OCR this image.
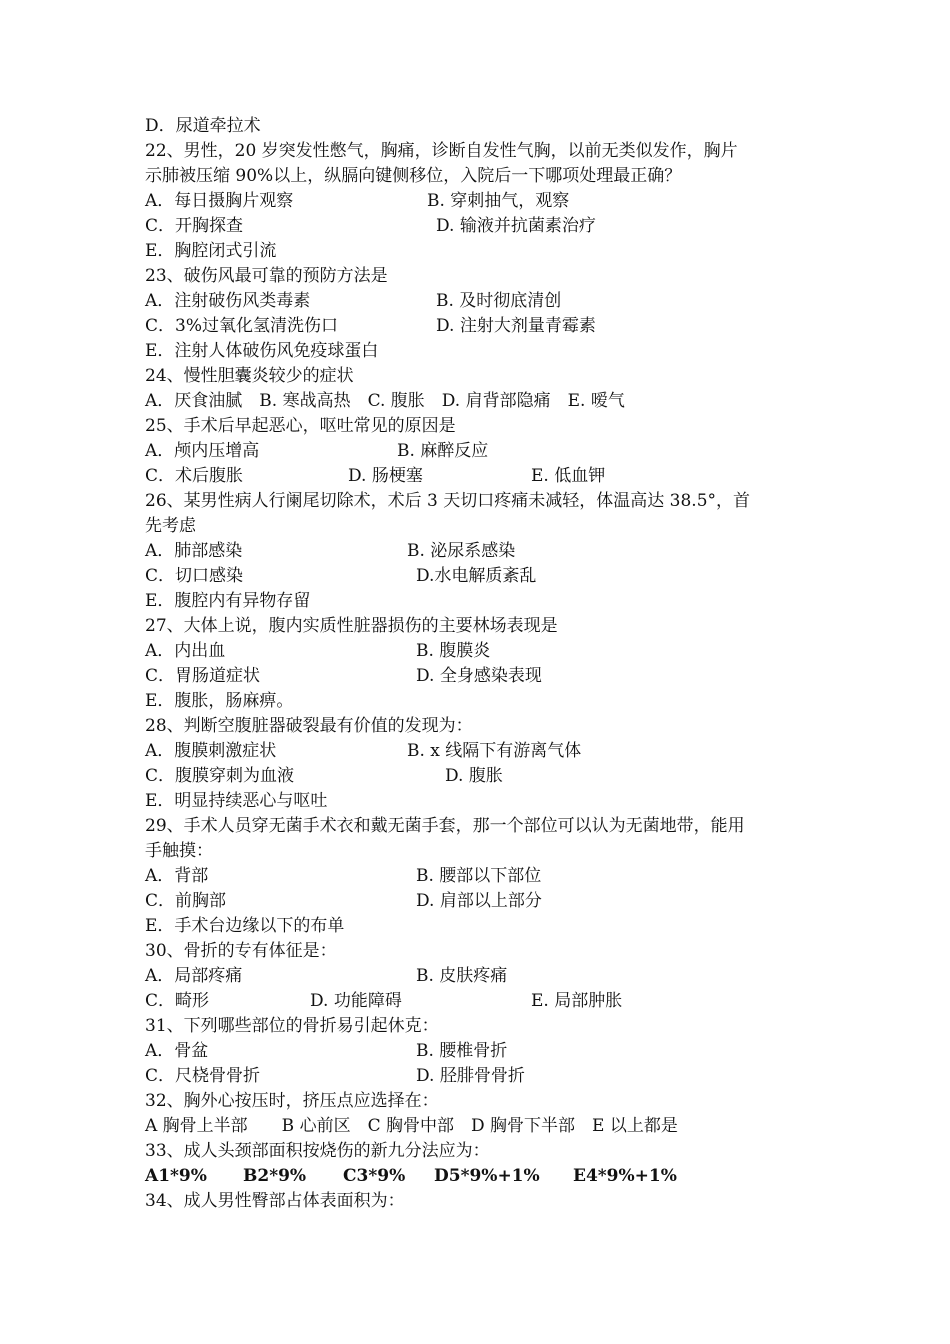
D．尿道牵拉术
22、男性，20 岁突发性憋气，胸痛，诊断自发性气胸，以前无类似发作，胸片
示肺被压缩 90%以上，纵膈向键侧移位，入院后一下哪项处理最正确？
A．每日摄胸片观察	B. 穿刺抽气，观察
C．开胸探查	D. 输液并抗菌素治疗
E．胸腔闭式引流
23、破伤风最可靠的预防方法是
A．注射破伤风类毒素	B. 及时彻底清创
C．3%过氧化氢清洗伤口	D. 注射大剂量青霉素
E．注射人体破伤风免疫球蛋白
24、慢性胆囊炎较少的症状
A．厌食油腻　B. 寒战高热　C. 腹胀　D. 肩背部隐痛　E. 嗳气
25、手术后早起恶心，呕吐常见的原因是
A．颅内压增高	B. 麻醉反应
C．术后腹胀	D. 肠梗塞	E. 低血钾
26、某男性病人行阑尾切除术，术后 3 天切口疼痛未减轻，体温高达 38.5°，首
先考虑
A．肺部感染	B. 泌尿系感染
C．切口感染	D.水电解质紊乱
E．腹腔内有异物存留
27、大体上说，腹内实质性脏器损伤的主要林场表现是
A．内出血	B. 腹膜炎
C．胃肠道症状	D. 全身感染表现
E．腹胀，肠麻痹。
28、判断空腹脏器破裂最有价值的发现为：
A．腹膜刺激症状	B. x 线隔下有游离气体
C．腹膜穿刺为血液	D. 腹胀
E．明显持续恶心与呕吐
29、手术人员穿无菌手术衣和戴无菌手套，那一个部位可以认为无菌地带，能用
手触摸：
A．背部	B. 腰部以下部位
C．前胸部	D. 肩部以上部分
E．手术台边缘以下的布单
30、骨折的专有体征是：
A．局部疼痛	B. 皮肤疼痛
C．畸形	D. 功能障碍	E. 局部肿胀
31、下列哪些部位的骨折易引起休克：
A．骨盆	B. 腰椎骨折
C．尺桡骨骨折	D. 胫腓骨骨折
32、胸外心按压时，挤压点应选择在：
A 胸骨上半部　　B 心前区　C 胸骨中部　D 胸骨下半部　E 以上都是
33、成人头颈部面积按烧伤的新九分法应为：
A1*9% B2*9% C3*9% D5*9%+1% E4*9%+1%
34、成人男性臀部占体表面积为：
